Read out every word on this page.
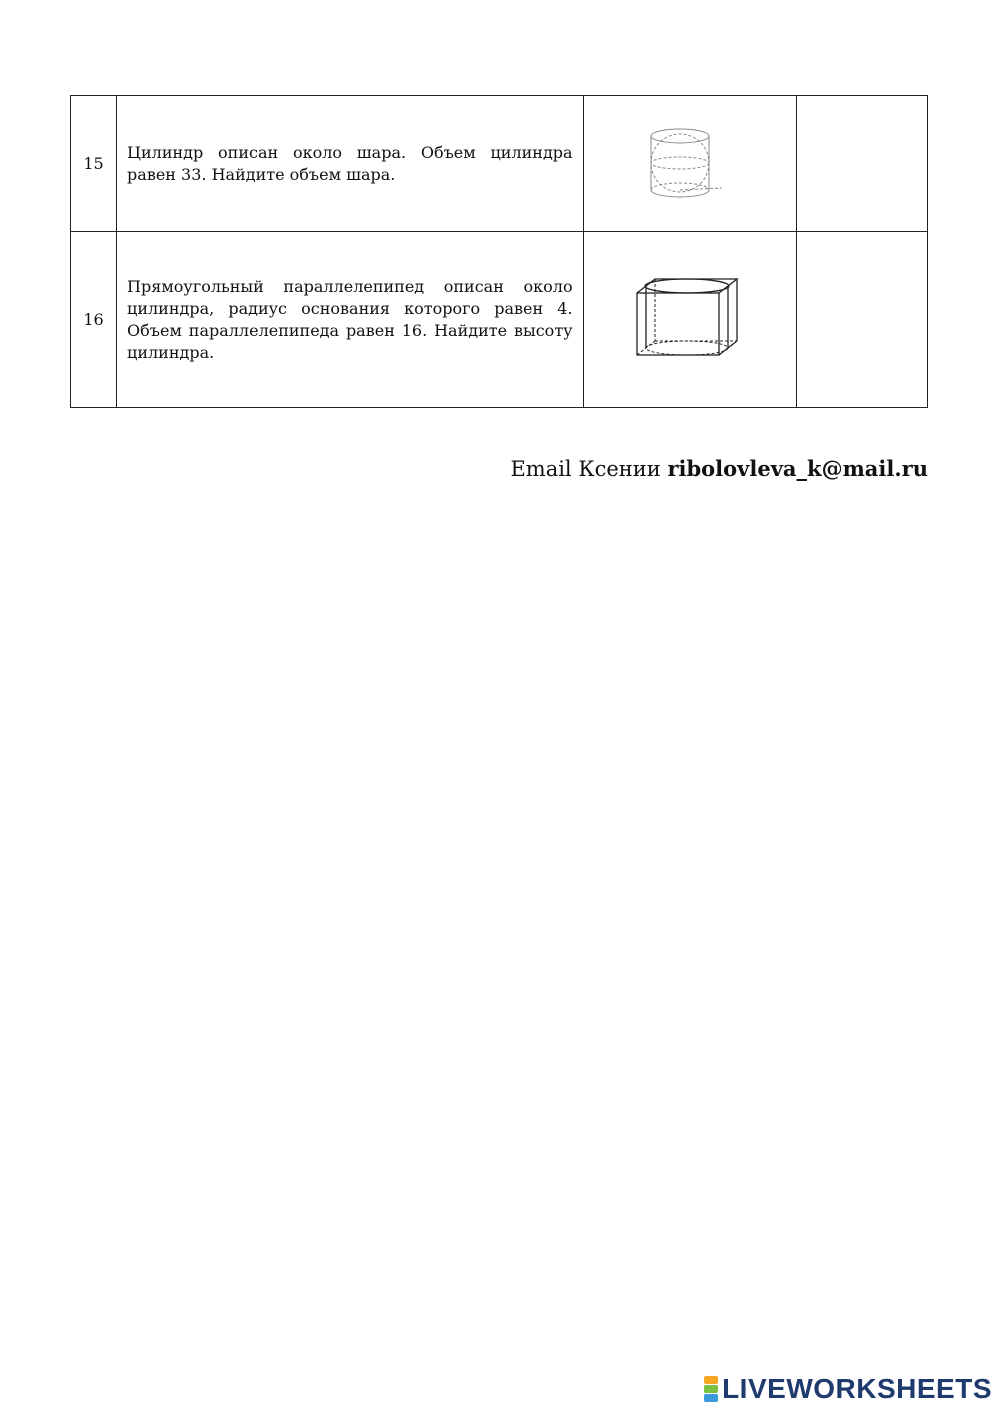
15	Цилиндр описан около шара. Объем цилиндра равен 33. Найдите объем шара.	

16	Прямоугольный параллелепипед описан около цилиндра, радиус основания которого равен 4. Объем параллелепипеда равен 16. Найдите высоту цилиндра.	

Email Ксении ribolovleva_k@mail.ru
LIVEWORKSHEETS
